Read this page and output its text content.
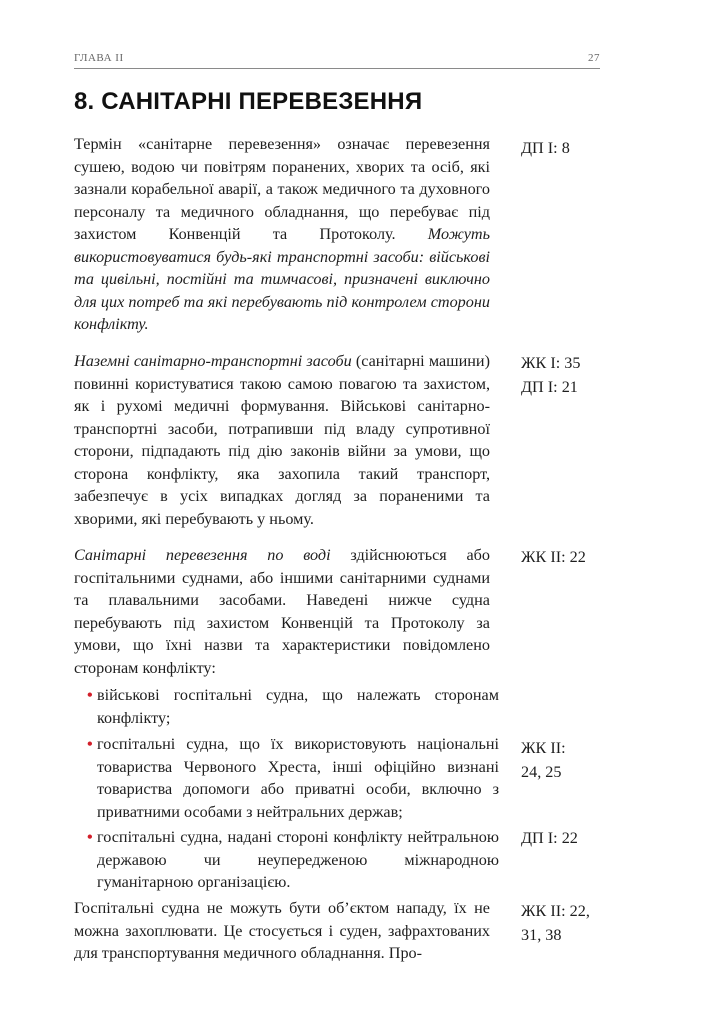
ГЛАВА II	27
8. САНІТАРНІ ПЕРЕВЕЗЕННЯ

Термін «санітарне перевезення» означає перевезення сушею, водою чи повітрям поранених, хворих та осіб, які зазнали корабельної аварії, а також медичного та духовного персоналу та медичного обладнання, що перебуває під захистом Конвенцій та Протоколу. Можуть використовуватися будь-які транспортні засоби: військові та цивільні, постійні та тимчасові, призначені виключно для цих потреб та які перебувають під контролем сторони конфлікту.

ДП I: 8

Наземні санітарно-транспортні засоби (санітарні машини) повинні користуватися такою самою повагою та захистом, як і рухомі медичні формування. Військові санітарно-транспортні засоби, потрапивши під владу супротивної сторони, підпадають під дію законів війни за умови, що сторона конфлікту, яка захопила такий транспорт, забезпечує в усіх випадках догляд за пораненими та хворими, які перебувають у ньому.

ЖК I: 35
ДП I: 21

Санітарні перевезення по воді здійснюються або госпітальними суднами, або іншими санітарними суднами та плавальними засобами. Наведені нижче судна перебувають під захистом Конвенцій та Протоколу за умови, що їхні назви та характеристики повідомлено сторонам конфлікту:

ЖК II: 22

• військові госпітальні судна, що належать сторонам конфлікту;

• госпітальні судна, що їх використовують національні товариства Червоного Хреста, інші офіційно визнані товариства допомоги або приватні особи, включно з приватними особами з нейтральних держав;

ЖК II:
24, 25

• госпітальні судна, надані стороні конфлікту нейтральною державою чи неупередженою міжнародною гуманітарною організацією.

ДП I: 22

Госпітальні судна не можуть бути об’єктом нападу, їх не можна захоплювати. Це стосується і суден, зафрахтованих для транспортування медичного обладнання. Про-

ЖК II: 22,
31, 38
